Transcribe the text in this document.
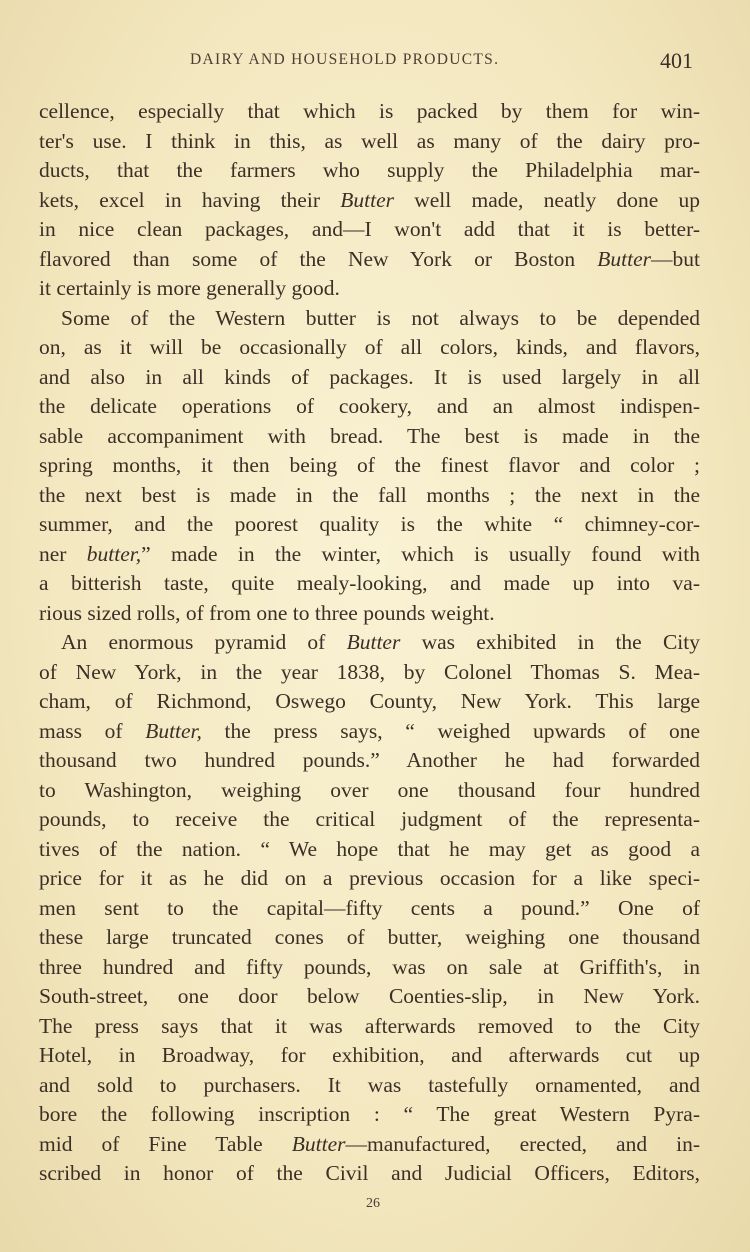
DAIRY AND HOUSEHOLD PRODUCTS.	401
cellence, especially that which is packed by them for win-
ter's use. I think in this, as well as many of the dairy pro-
ducts, that the farmers who supply the Philadelphia mar-
kets, excel in having their Butter well made, neatly done up
in nice clean packages, and—I won't add that it is better-
flavored than some of the New York or Boston Butter—but
it certainly is more generally good.
Some of the Western butter is not always to be depended
on, as it will be occasionally of all colors, kinds, and flavors,
and also in all kinds of packages. It is used largely in all
the delicate operations of cookery, and an almost indispen-
sable accompaniment with bread. The best is made in the
spring months, it then being of the finest flavor and color ;
the next best is made in the fall months ; the next in the
summer, and the poorest quality is the white “ chimney-cor-
ner butter,” made in the winter, which is usually found with
a bitterish taste, quite mealy-looking, and made up into va-
rious sized rolls, of from one to three pounds weight.
An enormous pyramid of Butter was exhibited in the City
of New York, in the year 1838, by Colonel Thomas S. Mea-
cham, of Richmond, Oswego County, New York. This large
mass of Butter, the press says, “ weighed upwards of one
thousand two hundred pounds.” Another he had forwarded
to Washington, weighing over one thousand four hundred
pounds, to receive the critical judgment of the representa-
tives of the nation. “ We hope that he may get as good a
price for it as he did on a previous occasion for a like speci-
men sent to the capital—fifty cents a pound.” One of
these large truncated cones of butter, weighing one thousand
three hundred and fifty pounds, was on sale at Griffith's, in
South-street, one door below Coenties-slip, in New York.
The press says that it was afterwards removed to the City
Hotel, in Broadway, for exhibition, and afterwards cut up
and sold to purchasers. It was tastefully ornamented, and
bore the following inscription : “ The great Western Pyra-
mid of Fine Table Butter—manufactured, erected, and in-
scribed in honor of the Civil and Judicial Officers, Editors,
26
